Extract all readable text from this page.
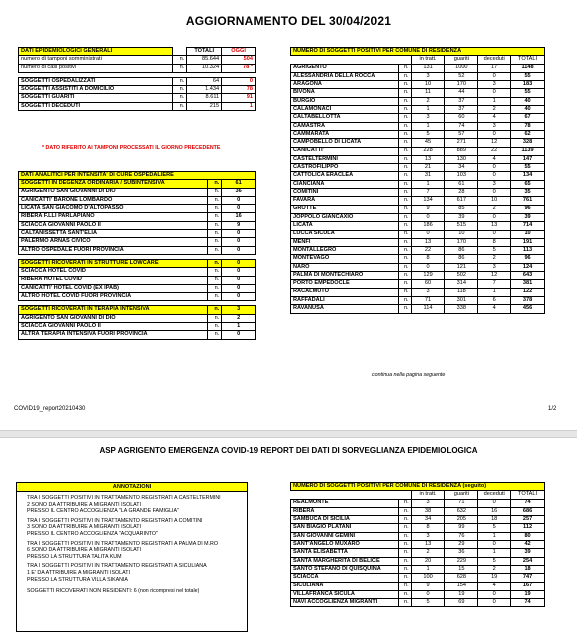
AGGIORNAMENTO DEL 30/04/2021
DATI EPIDEMIOLOGICI GENERALI		TOTALI	OGGI
numero di tamponi somministrati	n.	85.644	504
numero di casi positivi	n.	10.324	78 *

SOGGETTI OSPEDALIZZATI	n.	64	0
SOGGETTI ASSISTITI A DOMICILIO	n.	1.434	78
SOGGETTI GUARITI	n.	8.611	91
SOGGETTI DECEDUTI	n.	215	1
* DATO RIFERITO AI TAMPONI PROCESSATI IL GIORNO PRECEDENTE
DATI ANALITICI PER INTENSITA' DI CURE OSPEDALIERE		
SOGGETTI IN DEGENZA ORDINARIA / SUBINTENSIVA	n.	61
AGRIGENTO SAN GIOVANNI DI DIO	n.	36
CANICATTI' BARONE LOMBARDO	n.	0
LICATA SAN GIACOMO D'ALTOPASSO	n.	0
RIBERA F.LLI PARLAPIANO	n.	16
SCIACCA GIOVANNI PAOLO II	n.	9
CALTANISSETTA SANT'ELIA	n.	0
PALERMO ARNAS CIVICO	n.	0
ALTRO OSPEDALE FUORI PROVINCIA	n.	0

SOGGETTI RICOVERATI IN STRUTTURE LOWCARE	n.	0
SCIACCA HOTEL COVID	n.	0
RIBERA HOTEL COVID	n.	0
CANICATTI' HOTEL COVID (EX IPAB)	n.	0
ALTRO HOTEL COVID FUORI PROVINCIA	n.	0

SOGGETTI RICOVERATI IN TERAPIA INTENSIVA	n.	3
AGRIGENTO SAN GIOVANNI DI DIO	n.	2
SCIACCA GIOVANNI PAOLO II	n.	1
ALTRA TERAPIA INTENSIVA FUORI PROVINCIA	n.	0
NUMERO DI SOGGETTI POSITIVI PER COMUNE DI RESIDENZA					
		in tratt.	guariti	deceduti	TOTALI
AGRIGENTO	n.	131	1000	17	1148
ALESSANDRIA DELLA ROCCA	n.	3	52	0	55
ARAGONA	n.	10	170	3	183
BIVONA	n.	11	44	0	55
BURGIO	n.	2	37	1	40
CALAMONACI	n.	1	37	2	40
CALTABELLOTTA	n.	3	60	4	67
CAMASTRA	n.	1	74	3	78
CAMMARATA	n.	5	57	0	62
CAMPOBELLO DI LICATA	n.	45	271	12	328
CANICATTI'	n.	228	889	22	1139
CASTELTERMINI	n.	13	130	4	147
CASTROFILIPPO	n.	21	34	0	55
CATTOLICA ERACLEA	n.	31	103	0	134
CIANCIANA	n.	1	61	3	65
COMITINI	n.	7	28	0	35
FAVARA	n.	134	617	10	761
GROTTE	n.	9	85	2	96
JOPPOLO GIANCAXIO	n.	0	39	0	39
LICATA	n.	186	515	13	714
LUCCA SICULA	n.	0	10	0	10
MENFI	n.	13	170	8	191
MONTALLEGRO	n.	22	86	5	113
MONTEVAGO	n.	8	86	2	96
NARO	n.	0	121	3	124
PALMA DI MONTECHIARO	n.	129	502	12	643
PORTO EMPEDOCLE	n.	60	314	7	381
RACALMUTO	n.	3	118	1	122
RAFFADALI	n.	71	301	6	378
RAVANUSA	n.	114	338	4	456
continua nella pagina seguente
COVID19_report20210430	1/2
ASP AGRIGENTO EMERGENZA COVID-19 REPORT DEI DATI DI SORVEGLIANZA EPIDEMIOLOGICA
ANNOTAZIONI
TRA I SOGGETTI POSITIVI IN TRATTAMENTO REGISTRATI A CASTELTERMINI
2 SONO DA ATTRIBUIRE A MIGRANTI ISOLATI
PRESSO IL CENTRO ACCOGLIENZA "LA GRANDE FAMIGLIA"
TRA I SOGGETTI POSITIVI IN TRATTAMENTO REGISTRATI A COMITINI
3 SONO DA ATTRIBUIRE A MIGRANTI ISOLATI
PRESSO IL CENTRO ACCOGLIENZA "ACQUARINTO"
TRA I SOGGETTI POSITIVI IN TRATTAMENTO REGISTRATI A PALMA DI M.RO
6 SONO DA ATTRIBUIRE A MIGRANTI ISOLATI
PRESSO LA STRUTTURA TALITA KUM
TRA I SOGGETTI POSITIVI IN TRATTAMENTO REGISTRATI A SICULIANA
1 E' DA ATTRIBUIRE A MIGRANTI ISOLATI
PRESSO LA STRUTTURA VILLA SIKANIA
SOGGETTI RICOVERATI NON RESIDENTI: 6 (non ricompresi nel totale)
NUMERO DI SOGGETTI POSITIVI PER COMUNE DI RESIDENZA (seguito)					
		in tratt.	guariti	deceduti	TOTALI
REALMONTE	n.	3	71	0	74
RIBERA	n.	38	632	16	686
SAMBUCA DI SICILIA	n.	34	205	18	257
SAN BIAGIO PLATANI	n.	8	99	5	112
SAN GIOVANNI GEMINI	n.	3	76	1	80
SANT'ANGELO MUXARO	n.	13	29	0	42
SANTA ELISABETTA	n.	2	36	1	39
SANTA MARGHERITA DI BELICE	n.	20	229	5	254
SANTO STEFANO DI QUISQUINA	n.	1	15	2	18
SCIACCA	n.	100	628	19	747
SICULIANA	n.	9	154	4	167
VILLAFRANCA SICULA	n.	0	19	0	19
NAVI ACCOGLIENZA MIGRANTI	n.	5	69	0	74
